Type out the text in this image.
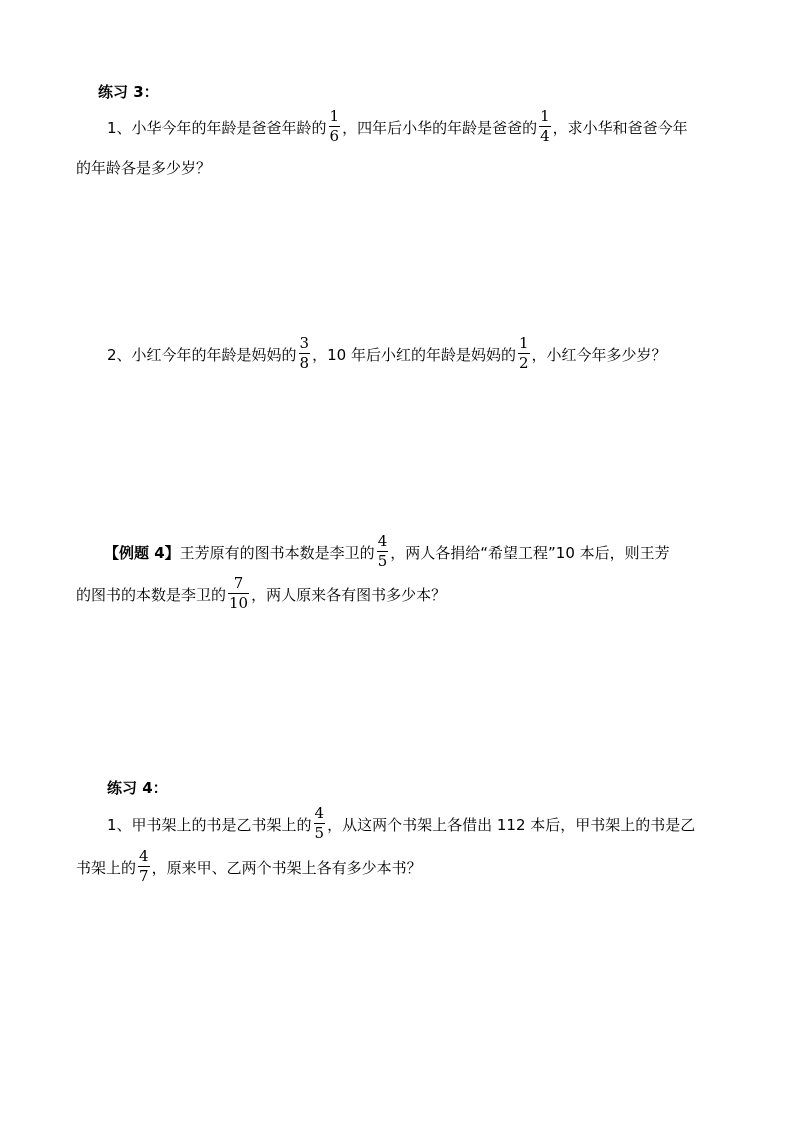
练习 3：
1、小华今年的年龄是爸爸年龄的 $\frac{1}{6}$ ，四年后小华的年龄是爸爸的 $\frac{1}{4}$ ，求小华和爸爸今年
的年龄各是多少岁？
2、小红今年的年龄是妈妈的 $\frac{3}{8}$ ，10 年后小红的年龄是妈妈的 $\frac{1}{2}$ ，小红今年多少岁？
【例题 4】王芳原有的图书本数是李卫的 $\frac{4}{5}$ ，两人各捐给“希望工程”10 本后，则王芳
的图书的本数是李卫的 $\frac{7}{10}$ ，两人原来各有图书多少本？
练习 4：
1、甲书架上的书是乙书架上的 $\frac{4}{5}$ ，从这两个书架上各借出 112 本后，甲书架上的书是乙
书架上的 $\frac{4}{7}$ ，原来甲、乙两个书架上各有多少本书？
